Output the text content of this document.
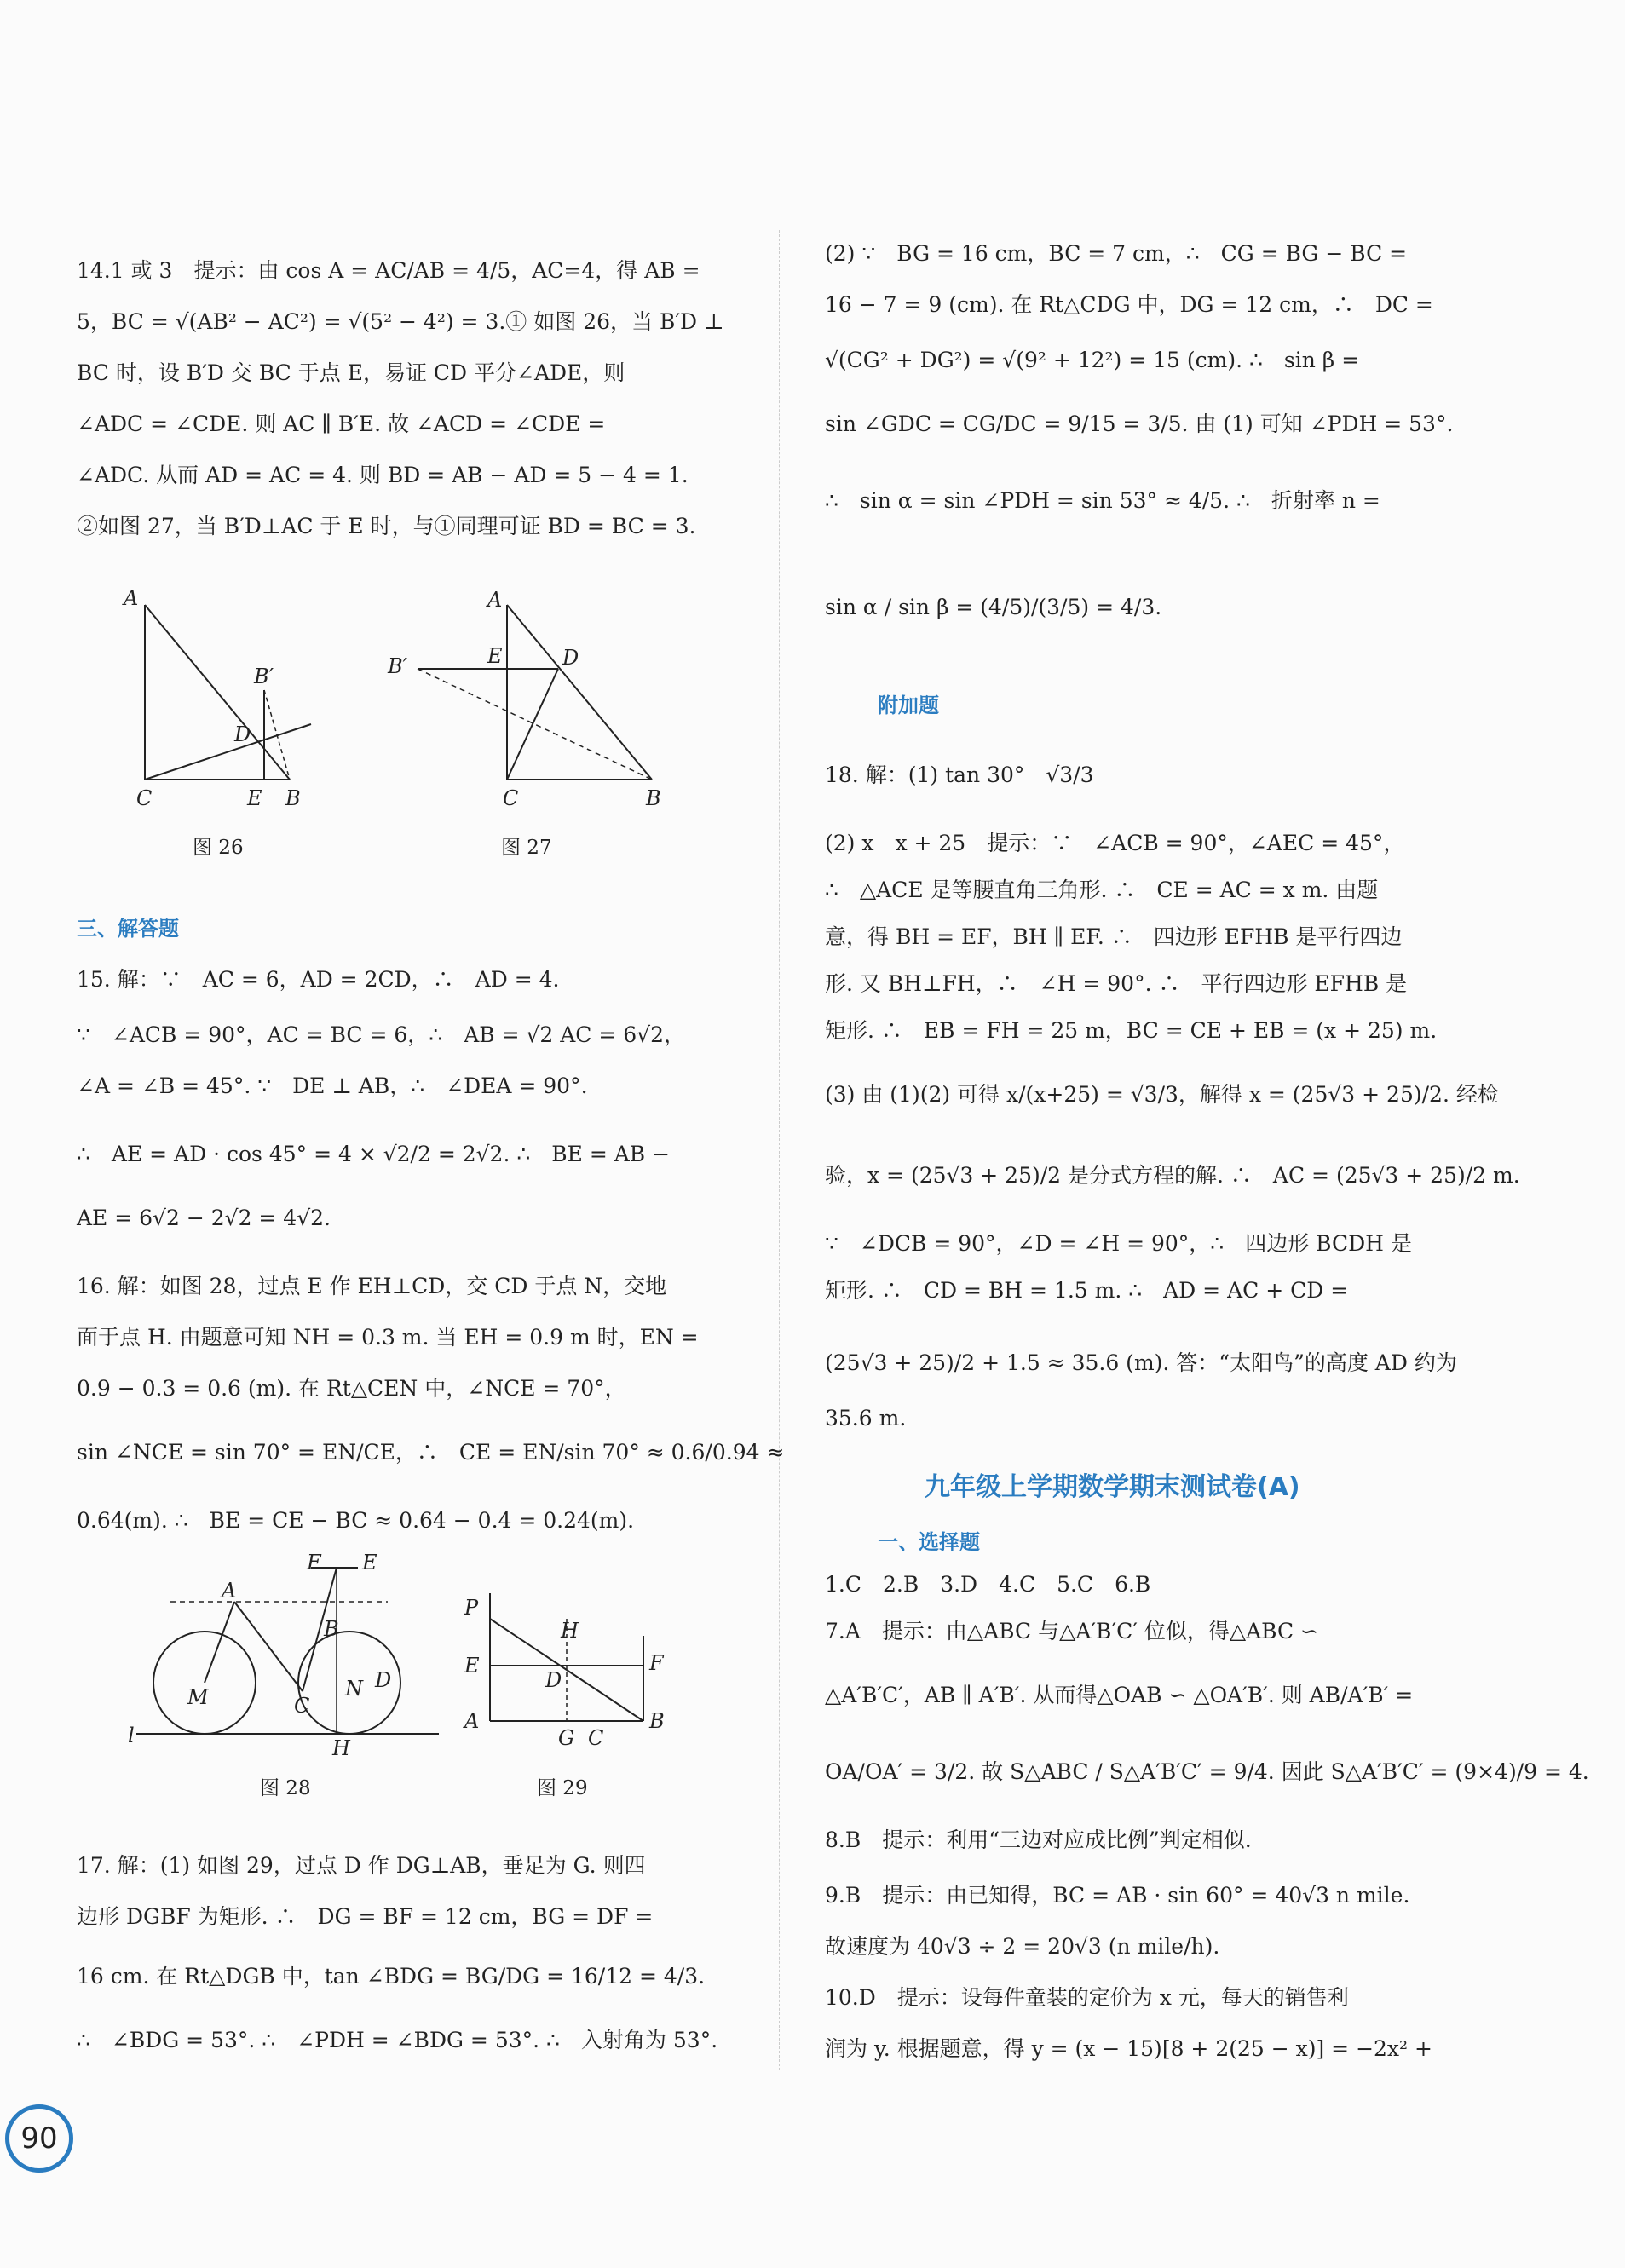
14.1 或 3　提示：由 cos A = AC/AB = 4/5，AC=4，得 AB =

5，BC = √(AB² − AC²) = √(5² − 4²) = 3.① 如图 26，当 B′D ⊥

BC 时，设 B′D 交 BC 于点 E，易证 CD 平分∠ADE，则

∠ADC = ∠CDE. 则 AC ∥ B′E. 故 ∠ACD = ∠CDE =

∠ADC. 从而 AD = AC = 4. 则 BD = AB − AD = 5 − 4 = 1.

②如图 27，当 B′D⊥AC 于 E 时，与①同理可证 BD = BC = 3.

A
B′
D
C	E B
图 26
A
E	D
B′
C	B
图 27
三、解答题

15. 解：∵　AC = 6，AD = 2CD，∴　AD = 4.

∵　∠ACB = 90°，AC = BC = 6，∴　AB = √2 AC = 6√2，

∠A = ∠B = 45°. ∵　DE ⊥ AB，∴　∠DEA = 90°.

∴　AE = AD · cos 45° = 4 × √2/2 = 2√2. ∴　BE = AB −

AE = 6√2 − 2√2 = 4√2.

16. 解：如图 28，过点 E 作 EH⊥CD，交 CD 于点 N，交地

面于点 H. 由题意可知 NH = 0.3 m. 当 EH = 0.9 m 时，EN =

0.9 − 0.3 = 0.6 (m). 在 Rt△CEN 中，∠NCE = 70°，

sin ∠NCE = sin 70° = EN/CE，∴　CE = EN/sin 70° ≈ 0.6/0.94 ≈

0.64(m). ∴　BE = CE − BC ≈ 0.64 − 0.4 = 0.24(m).

A
F E
B
C
N D
M
H
l
图 28
P
H
E
D
F
A
G C
B
图 29

17. 解：(1) 如图 29，过点 D 作 DG⊥AB，垂足为 G. 则四

边形 DGBF 为矩形. ∴　DG = BF = 12 cm，BG = DF =

16 cm. 在 Rt△DGB 中，tan ∠BDG = BG/DG = 16/12 = 4/3.

∴　∠BDG = 53°. ∴　∠PDH = ∠BDG = 53°. ∴　入射角为 53°.

(2) ∵　BG = 16 cm，BC = 7 cm，∴　CG = BG − BC =

16 − 7 = 9 (cm). 在 Rt△CDG 中，DG = 12 cm，∴　DC =

√(CG² + DG²) = √(9² + 12²) = 15 (cm). ∴　sin β =

sin ∠GDC = CG/DC = 9/15 = 3/5. 由 (1) 可知 ∠PDH = 53°.

∴　sin α = sin ∠PDH = sin 53° ≈ 4/5. ∴　折射率 n =

sin α / sin β = (4/5)/(3/5) = 4/3.

附加题

18. 解：(1) tan 30°　√3/3

(2) x　x + 25　提示：∵　∠ACB = 90°，∠AEC = 45°，

∴　△ACE 是等腰直角三角形. ∴　CE = AC = x m. 由题

意，得 BH = EF，BH ∥ EF. ∴　四边形 EFHB 是平行四边

形. 又 BH⊥FH，∴　∠H = 90°. ∴　平行四边形 EFHB 是

矩形. ∴　EB = FH = 25 m，BC = CE + EB = (x + 25) m.

(3) 由 (1)(2) 可得 x/(x+25) = √3/3，解得 x = (25√3 + 25)/2. 经检

验，x = (25√3 + 25)/2 是分式方程的解. ∴　AC = (25√3 + 25)/2 m.

∵　∠DCB = 90°，∠D = ∠H = 90°，∴　四边形 BCDH 是

矩形. ∴　CD = BH = 1.5 m. ∴　AD = AC + CD =

(25√3 + 25)/2 + 1.5 ≈ 35.6 (m). 答：“太阳鸟”的高度 AD 约为

35.6 m.

九年级上学期数学期末测试卷(A)
一、选择题

1.C　2.B　3.D　4.C　5.C　6.B

7.A　提示：由△ABC 与△A′B′C′ 位似，得△ABC ∽

△A′B′C′，AB ∥ A′B′. 从而得△OAB ∽ △OA′B′. 则 AB/A′B′ =

OA/OA′ = 3/2. 故 S△ABC / S△A′B′C′ = 9/4. 因此 S△A′B′C′ = (9×4)/9 = 4.

8.B　提示：利用“三边对应成比例”判定相似.

9.B　提示：由已知得，BC = AB · sin 60° = 40√3 n mile.

故速度为 40√3 ÷ 2 = 20√3 (n mile/h).

10.D　提示：设每件童装的定价为 x 元，每天的销售利

润为 y. 根据题意，得 y = (x − 15)[8 + 2(25 − x)] = −2x² +

90
